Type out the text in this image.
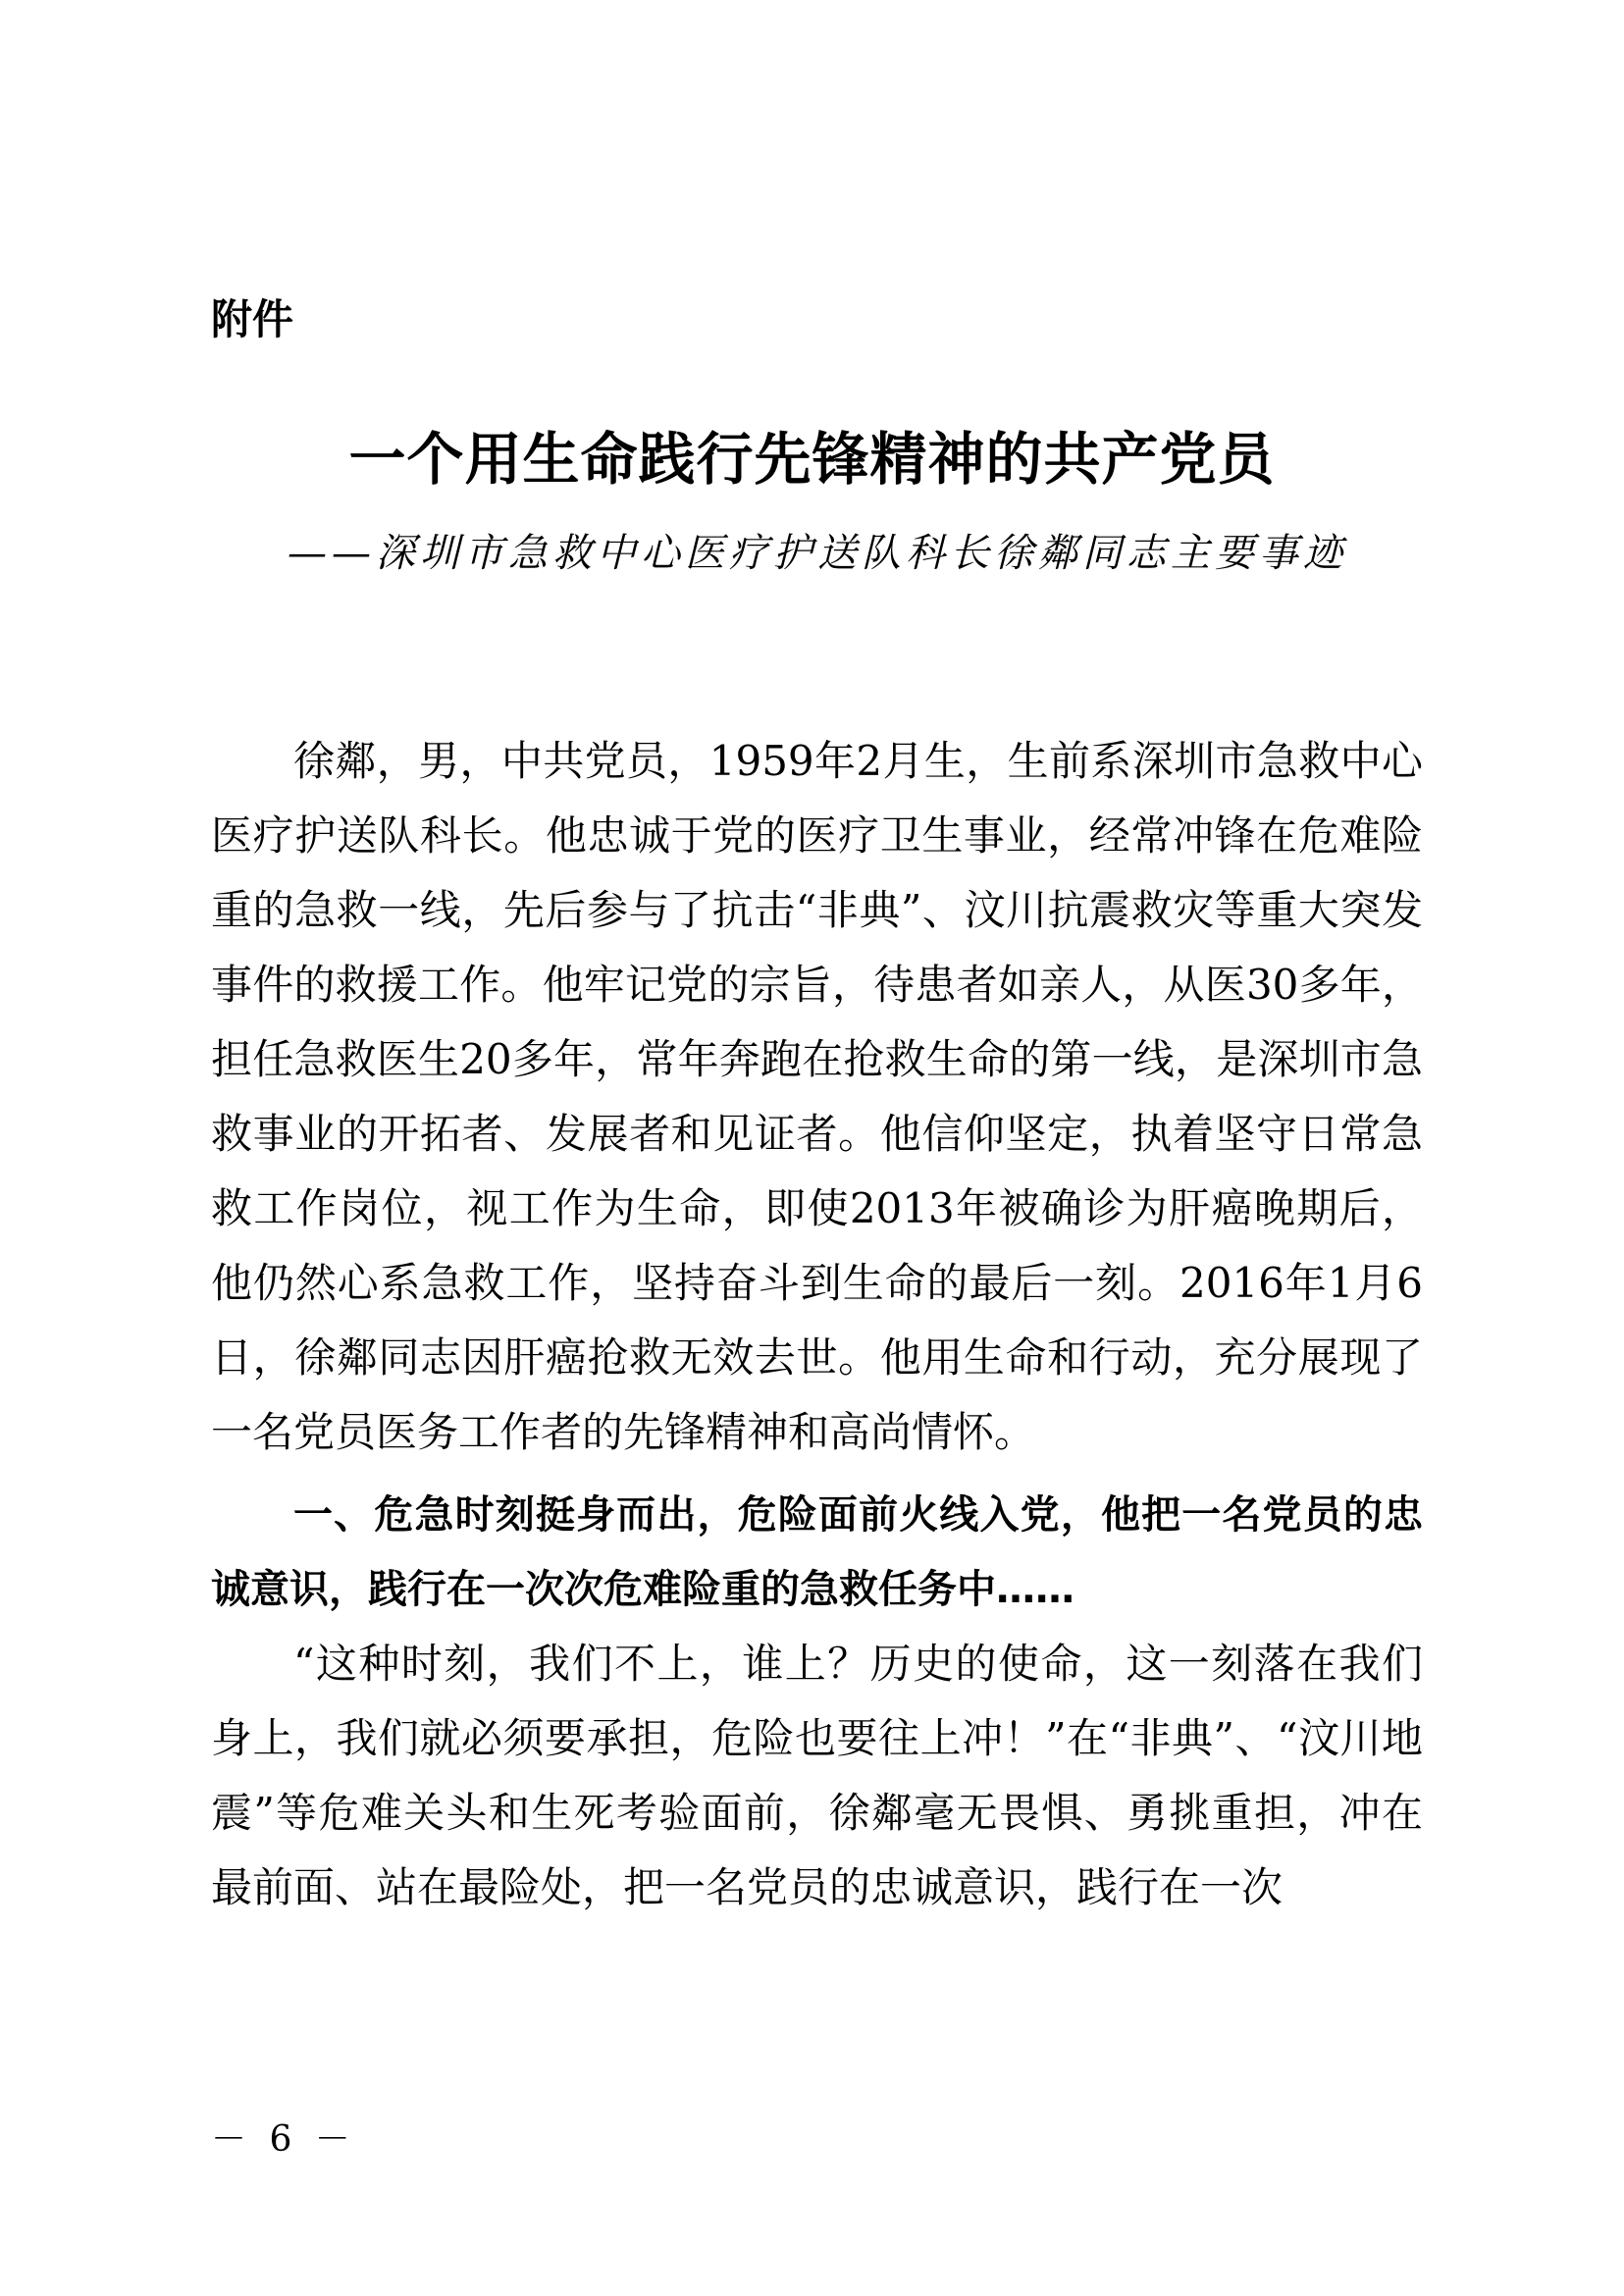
附件
一个用生命践行先锋精神的共产党员
——深圳市急救中心医疗护送队科长徐鄰同志主要事迹

徐鄰，男，中共党员，1959年2月生，生前系深圳市急救中心医疗护送队科长。他忠诚于党的医疗卫生事业，经常冲锋在危难险重的急救一线，先后参与了抗击“非典”、汶川抗震救灾等重大突发事件的救援工作。他牢记党的宗旨，待患者如亲人，从医30多年，担任急救医生20多年，常年奔跑在抢救生命的第一线，是深圳市急救事业的开拓者、发展者和见证者。他信仰坚定，执着坚守日常急救工作岗位，视工作为生命，即使2013年被确诊为肝癌晚期后，他仍然心系急救工作，坚持奋斗到生命的最后一刻。2016年1月6日，徐鄰同志因肝癌抢救无效去世。他用生命和行动，充分展现了一名党员医务工作者的先锋精神和高尚情怀。

一、危急时刻挺身而出，危险面前火线入党，他把一名党员的忠诚意识，践行在一次次危难险重的急救任务中……

“这种时刻，我们不上，谁上？历史的使命，这一刻落在我们身上，我们就必须要承担，危险也要往上冲！”在“非典”、“汶川地震”等危难关头和生死考验面前，徐鄰毫无畏惧、勇挑重担，冲在最前面、站在最险处，把一名党员的忠诚意识，践行在一次

－ 6 －
